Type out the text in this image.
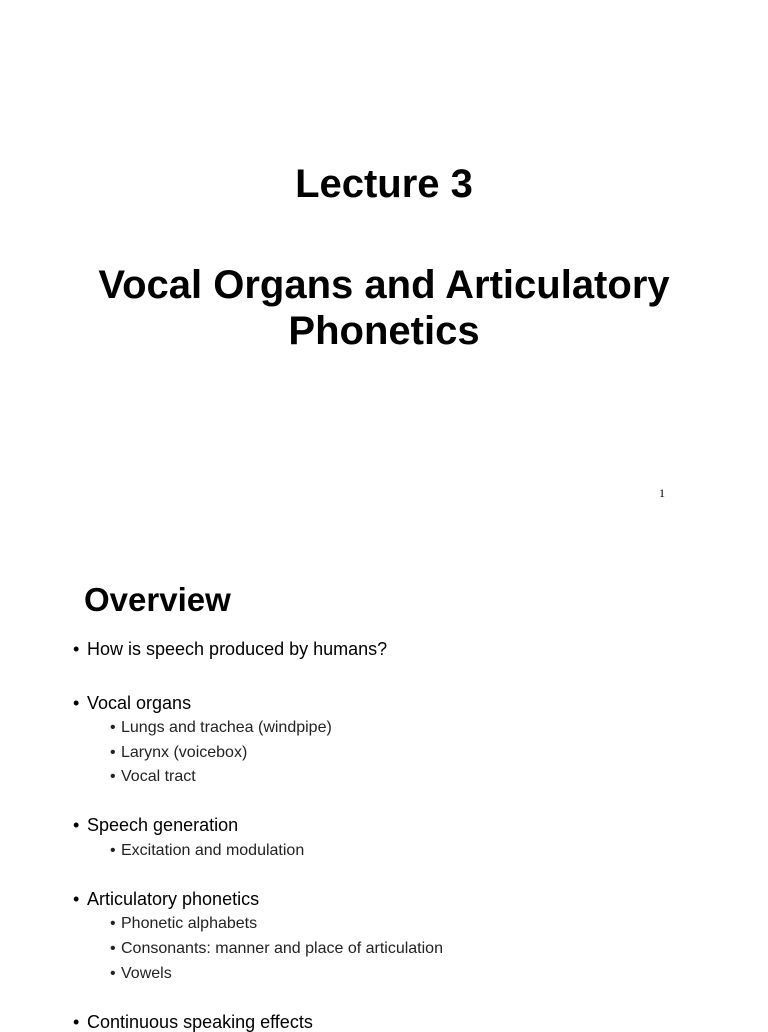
Lecture 3
Vocal Organs and Articulatory
Phonetics
1
Overview
• How is speech produced by humans?
• Vocal organs
• Lungs and trachea (windpipe)
• Larynx (voicebox)
• Vocal tract
• Speech generation
• Excitation and modulation
• Articulatory phonetics
• Phonetic alphabets
• Consonants: manner and place of articulation
• Vowels
• Continuous speaking effects
